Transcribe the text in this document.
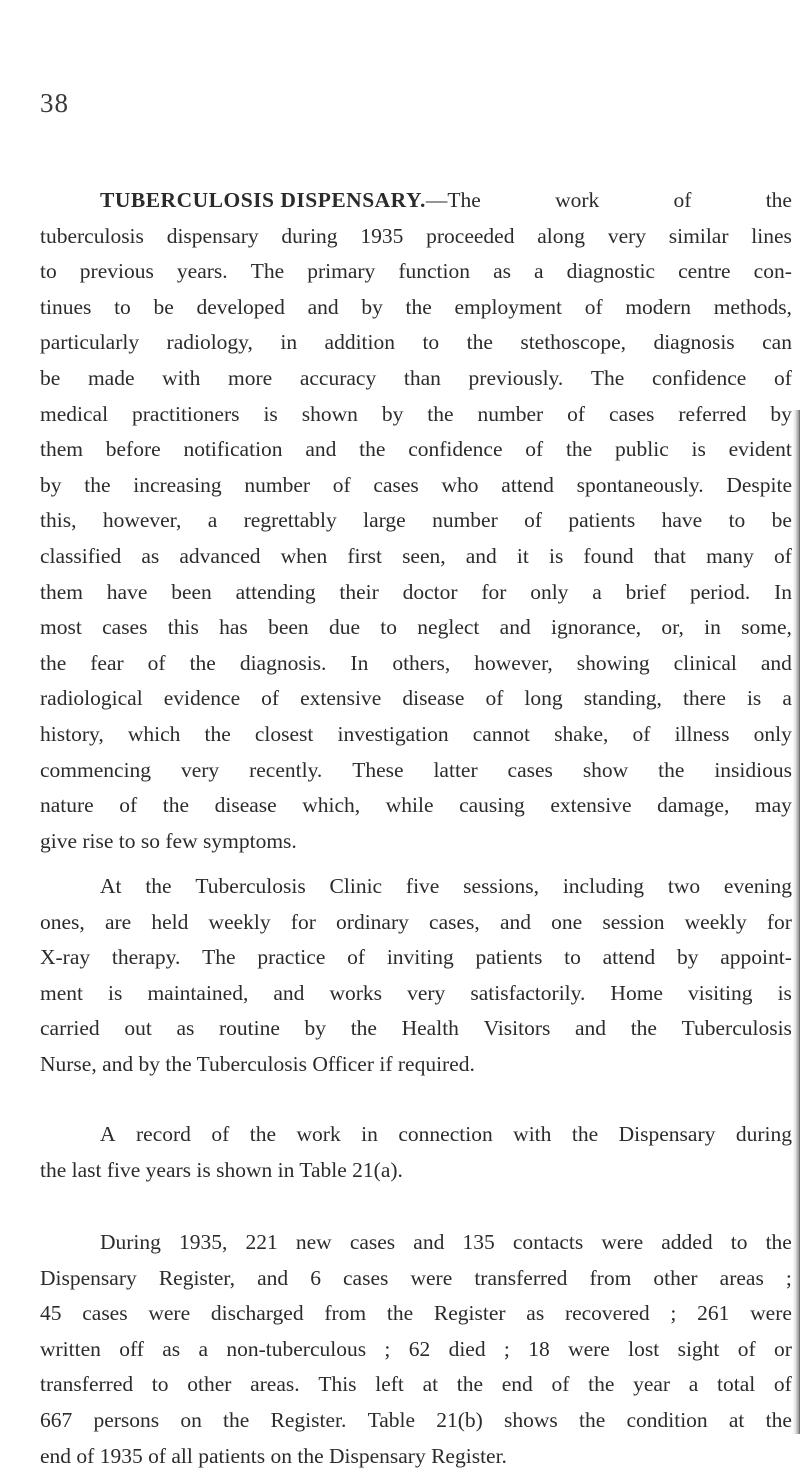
38
TUBERCULOSIS DISPENSARY.—The	work	of	the
tuberculosis dispensary during 1935 proceeded along very similar lines
to previous years. The primary function as a diagnostic centre con-
tinues to be developed and by the employment of modern methods,
particularly radiology, in addition to the stethoscope, diagnosis can
be made with more accuracy than previously. The confidence of
medical practitioners is shown by the number of cases referred by
them before notification and the confidence of the public is evident
by the increasing number of cases who attend spontaneously. Despite
this, however, a regrettably large number of patients have to be
classified as advanced when first seen, and it is found that many of
them have been attending their doctor for only a brief period. In
most cases this has been due to neglect and ignorance, or, in some,
the fear of the diagnosis. In others, however, showing clinical and
radiological evidence of extensive disease of long standing, there is a
history, which the closest investigation cannot shake, of illness only
commencing very recently. These latter cases show the insidious
nature of the disease which, while causing extensive damage, may
give rise to so few symptoms.
At the Tuberculosis Clinic five sessions, including two evening
ones, are held weekly for ordinary cases, and one session weekly for
X-ray therapy. The practice of inviting patients to attend by appoint-
ment is maintained, and works very satisfactorily. Home visiting is
carried out as routine by the Health Visitors and the Tuberculosis
Nurse, and by the Tuberculosis Officer if required.
A record of the work in connection with the Dispensary during
the last five years is shown in Table 21(a).
During 1935, 221 new cases and 135 contacts were added to the
Dispensary Register, and 6 cases were transferred from other areas ;
45 cases were discharged from the Register as recovered ; 261 were
written off as a non-tuberculous ; 62 died ; 18 were lost sight of or
transferred to other areas. This left at the end of the year a total of
667 persons on the Register. Table 21(b) shows the condition at the
end of 1935 of all patients on the Dispensary Register.
